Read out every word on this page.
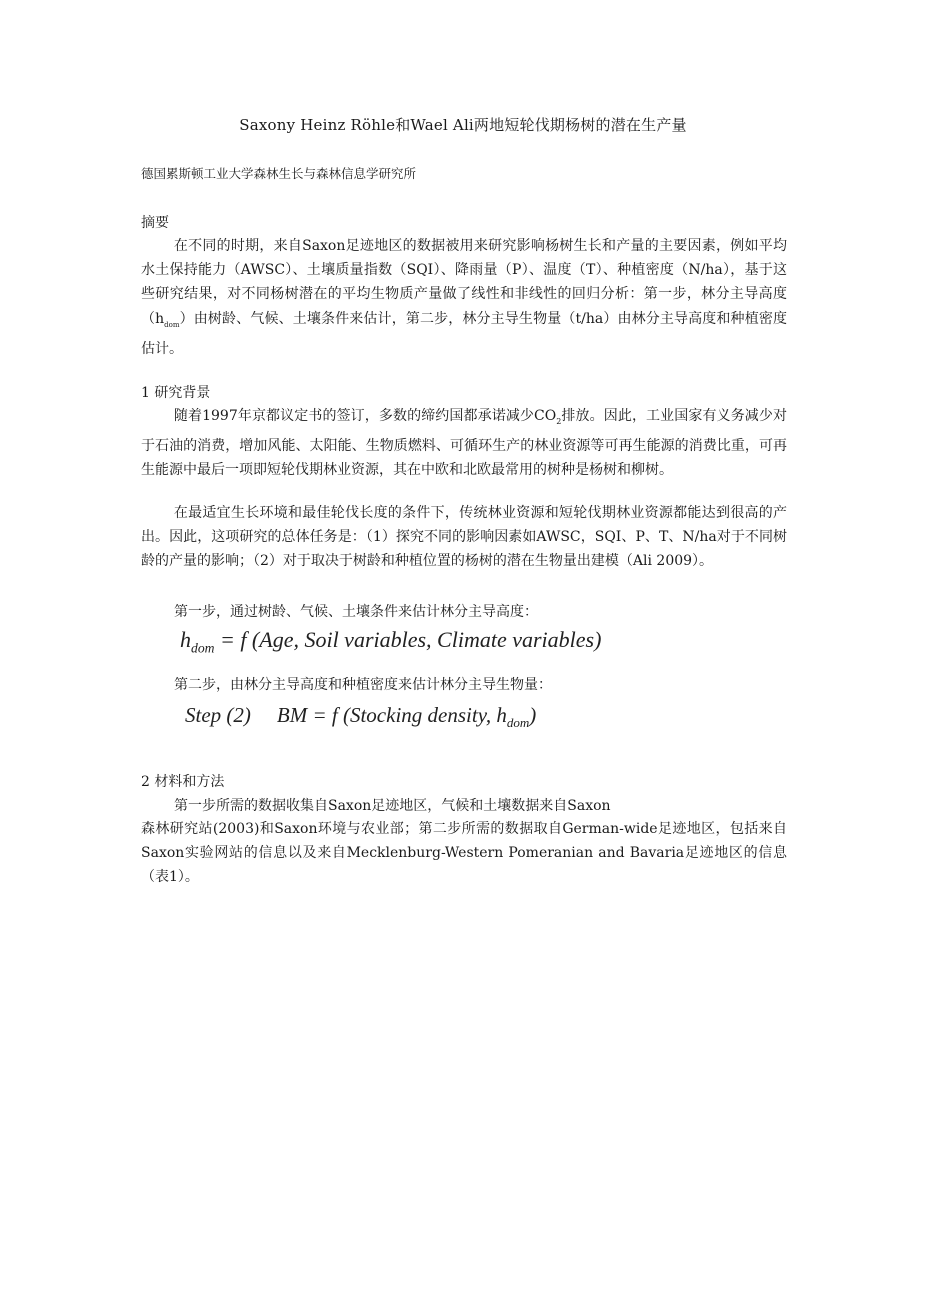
Saxony Heinz Röhle和Wael Ali两地短轮伐期杨树的潜在生产量
德国累斯顿工业大学森林生长与森林信息学研究所
摘要

在不同的时期，来自Saxon足迹地区的数据被用来研究影响杨树生长和产量的主要因素，例如平均水土保持能力（AWSC）、土壤质量指数（SQI）、降雨量（P）、温度（T）、种植密度（N/ha），基于这些研究结果，对不同杨树潜在的平均生物质产量做了线性和非线性的回归分析：第一步，林分主导高度$(h_{dom})$由树龄、气候、土壤条件来估计，第二步，林分主导生物量（t/ha）由林分主导高度和种植密度估计。

1 研究背景

随着1997年京都议定书的签订，多数的缔约国都承诺减少$CO_2$排放。因此，工业国家有义务减少对于石油的消费，增加风能、太阳能、生物质燃料、可循环生产的林业资源等可再生能源的消费比重，可再生能源中最后一项即短轮伐期林业资源，其在中欧和北欧最常用的树种是杨树和柳树。

在最适宜生长环境和最佳轮伐长度的条件下，传统林业资源和短轮伐期林业资源都能达到很高的产出。因此，这项研究的总体任务是：（1）探究不同的影响因素如AWSC，SQI、P、T、N/ha对于不同树龄的产量的影响；（2）对于取决于树龄和种植位置的杨树的潜在生物量出建模（Ali 2009）。

第一步，通过树龄、气候、土壤条件来估计林分主导高度：
$h_{dom} = f$ (Age, Soil variables, Climate variables)
第二步，由林分主导高度和种植密度来估计林分主导生物量：
Step (2) BM = f (Stocking density, $h_{dom}$)
2 材料和方法
第一步所需的数据收集自Saxon足迹地区，气候和土壤数据来自Saxon

森林研究站(2003)和Saxon环境与农业部；第二步所需的数据取自German-wide足迹地区，包括来自Saxon实验网站的信息以及来自Mecklenburg-Western Pomeranian and Bavaria足迹地区的信息（表1）。
